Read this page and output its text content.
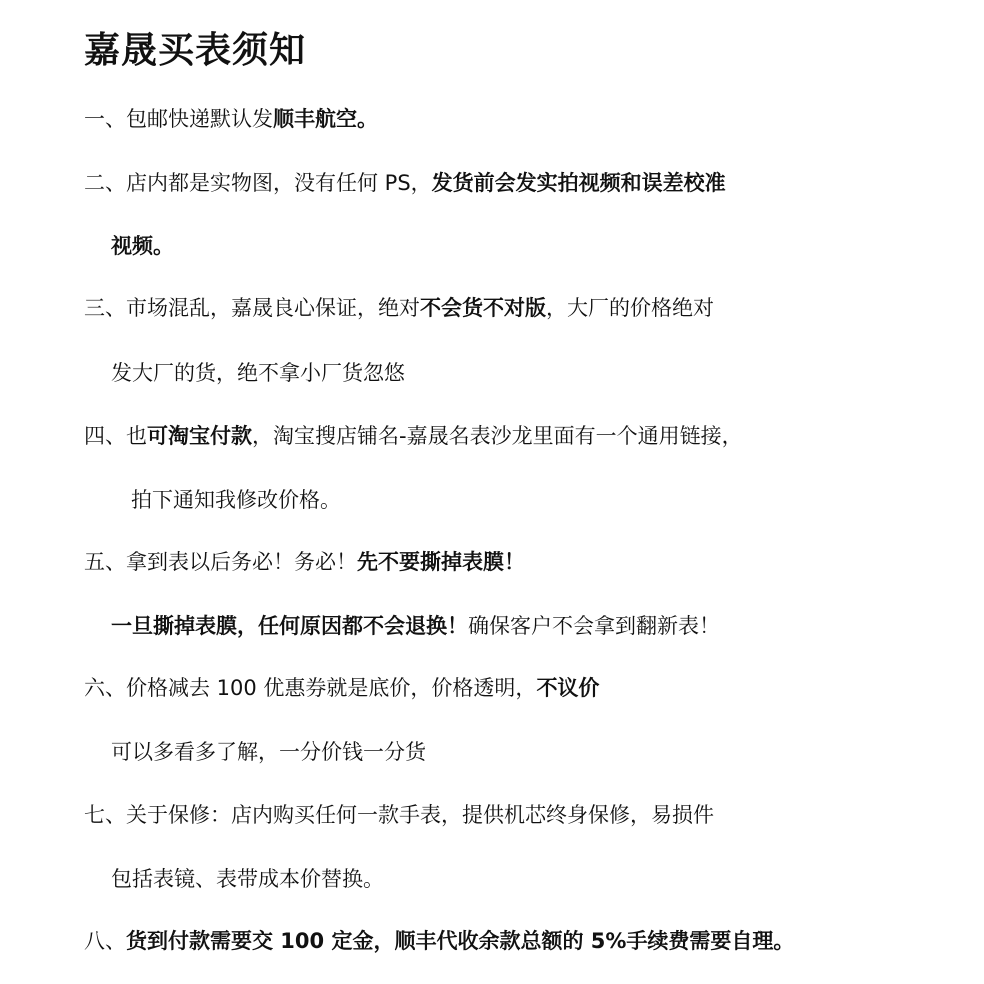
嘉晟买表须知
一、包邮快递默认发顺丰航空。
二、店内都是实物图，没有任何 PS，发货前会发实拍视频和误差校准
视频。
三、市场混乱，嘉晟良心保证，绝对不会货不对版，大厂的价格绝对
发大厂的货，绝不拿小厂货忽悠
四、也可淘宝付款，淘宝搜店铺名-嘉晟名表沙龙里面有一个通用链接，
拍下通知我修改价格。
五、拿到表以后务必！务必！先不要撕掉表膜！
一旦撕掉表膜，任何原因都不会退换！确保客户不会拿到翻新表！
六、价格减去 100 优惠券就是底价，价格透明，不议价
可以多看多了解，一分价钱一分货
七、关于保修：店内购买任何一款手表，提供机芯终身保修，易损件
包括表镜、表带成本价替换。
八、货到付款需要交 100 定金，顺丰代收余款总额的 5%手续费需要自理。
